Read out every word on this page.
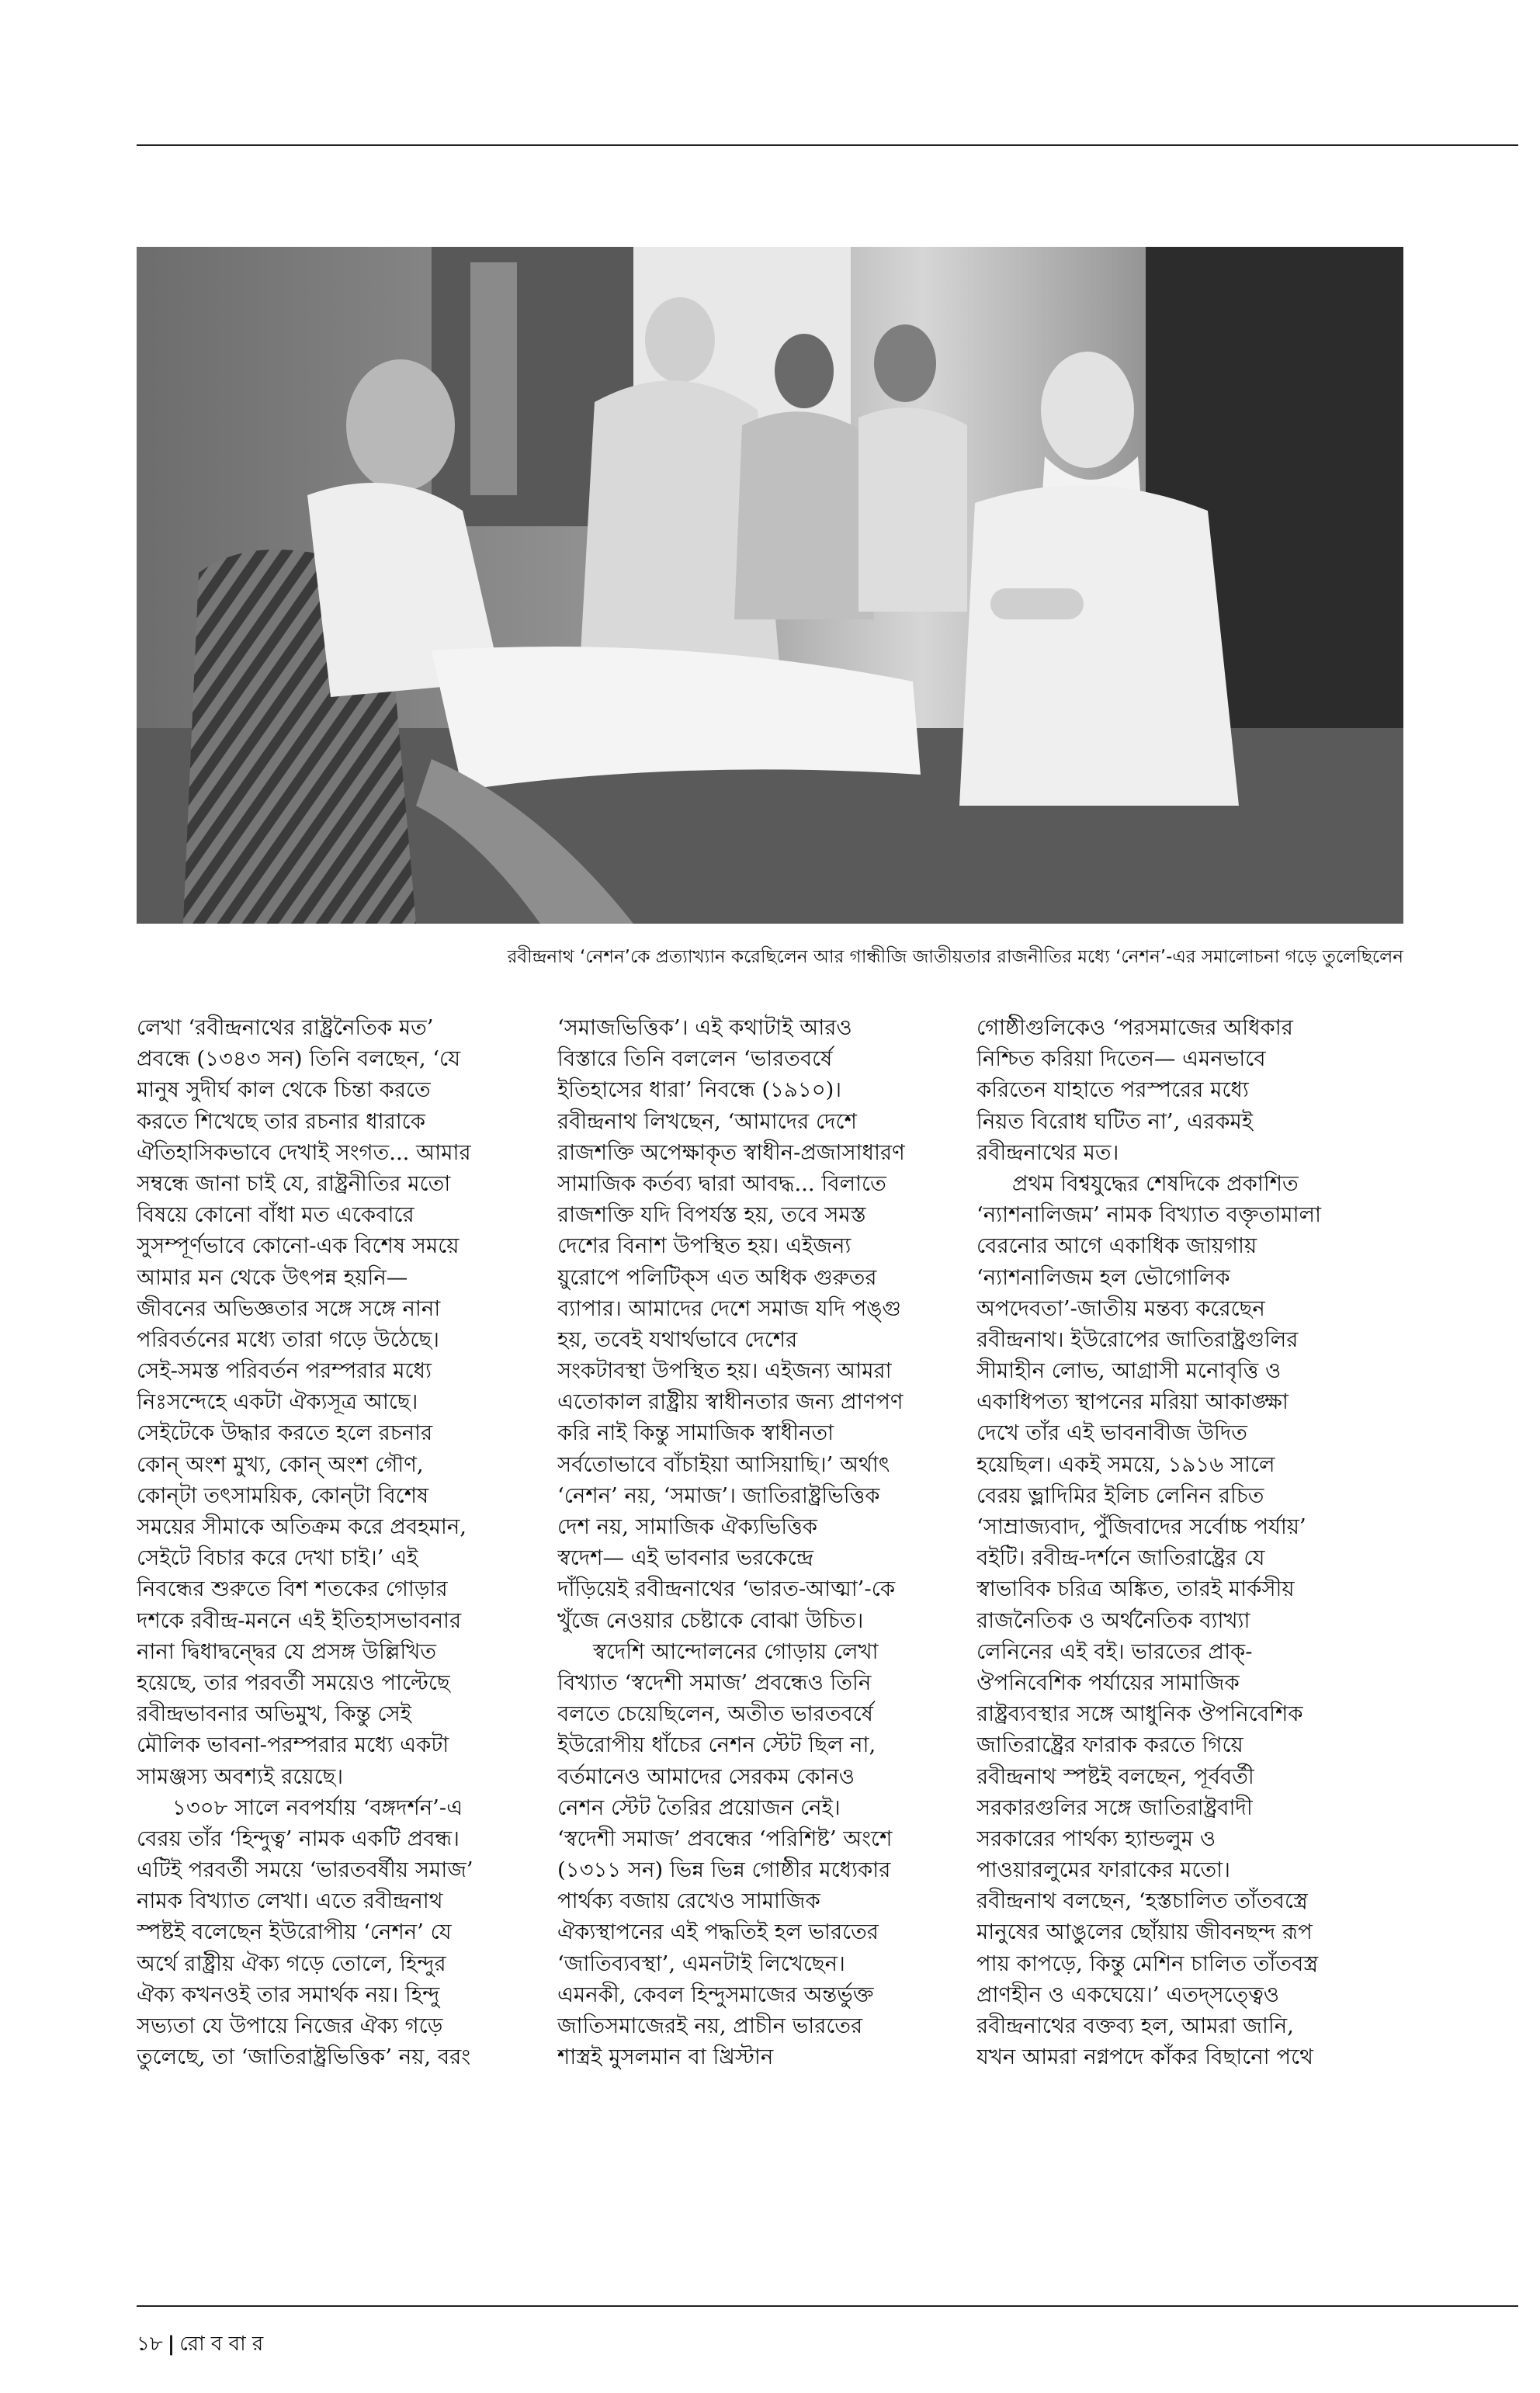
রবীন্দ্রনাথ ‘নেশন’কে প্রত্যাখ্যান করেছিলেন আর গান্ধীজি জাতীয়তার রাজনীতির মধ্যে ‘নেশন’-এর সমালোচনা গড়ে তুলেছিলেন
লেখা ‘রবীন্দ্রনাথের রাষ্ট্রনৈতিক মত’
প্রবন্ধে (১৩৪৩ সন) তিনি বলছেন, ‘যে
মানুষ সুদীর্ঘ কাল থেকে চিন্তা করতে
করতে শিখেছে তার রচনার ধারাকে
ঐতিহাসিকভাবে দেখাই সংগত... আমার
সম্বন্ধে জানা চাই যে, রাষ্ট্রনীতির মতো
বিষয়ে কোনো বাঁধা মত একেবারে
সুসম্পূর্ণভাবে কোনো-এক বিশেষ সময়ে
আমার মন থেকে উৎপন্ন হয়নি—
জীবনের অভিজ্ঞতার সঙ্গে সঙ্গে নানা
পরিবর্তনের মধ্যে তারা গড়ে উঠেছে।
সেই-সমস্ত পরিবর্তন পরম্পরার মধ্যে
নিঃসন্দেহে একটা ঐক্যসূত্র আছে।
সেইটেকে উদ্ধার করতে হলে রচনার
কোন্‌ অংশ মুখ্য, কোন্‌ অংশ গৌণ,
কোন্‌টা তৎসাময়িক, কোন্‌টা বিশেষ
সময়ের সীমাকে অতিক্রম করে প্রবহমান,
সেইটে বিচার করে দেখা চাই।’ এই
নিবন্ধের শুরুতে বিশ শতকের গোড়ার
দশকে রবীন্দ্র-মননে এই ইতিহাসভাবনার
নানা দ্বিধাদ্বন্দ্বের যে প্রসঙ্গ উল্লিখিত
হয়েছে, তার পরবর্তী সময়েও পাল্টেছে
রবীন্দ্রভাবনার অভিমুখ, কিন্তু সেই
মৌলিক ভাবনা-পরম্পরার মধ্যে একটা
সামঞ্জস্য অবশ্যই রয়েছে।
১৩০৮ সালে নবপর্যায় ‘বঙ্গদর্শন’-এ
বেরয় তাঁর ‘হিন্দুত্ব’ নামক একটি প্রবন্ধ।
এটিই পরবর্তী সময়ে ‘ভারতবর্ষীয় সমাজ’
নামক বিখ্যাত লেখা। এতে রবীন্দ্রনাথ
স্পষ্টই বলেছেন ইউরোপীয় ‘নেশন’ যে
অর্থে রাষ্ট্রীয় ঐক্য গড়ে তোলে, হিন্দুর
ঐক্য কখনওই তার সমার্থক নয়। হিন্দু
সভ্যতা যে উপায়ে নিজের ঐক্য গড়ে
তুলেছে, তা ‘জাতিরাষ্ট্রভিত্তিক’ নয়, বরং
‘সমাজভিত্তিক’। এই কথাটাই আরও
বিস্তারে তিনি বললেন ‘ভারতবর্ষে
ইতিহাসের ধারা’ নিবন্ধে (১৯১০)।
রবীন্দ্রনাথ লিখছেন, ‘আমাদের দেশে
রাজশক্তি অপেক্ষাকৃত স্বাধীন-প্রজাসাধারণ
সামাজিক কর্তব্য দ্বারা আবদ্ধ... বিলাতে
রাজশক্তি যদি বিপর্যস্ত হয়, তবে সমস্ত
দেশের বিনাশ উপস্থিত হয়। এইজন্য
য়ুরোপে পলিটিক্‌স এত অধিক গুরুতর
ব্যাপার। আমাদের দেশে সমাজ যদি পঙ্গু
হয়, তবেই যথার্থভাবে দেশের
সংকটাবস্থা উপস্থিত হয়। এইজন্য আমরা
এতোকাল রাষ্ট্রীয় স্বাধীনতার জন্য প্রাণপণ
করি নাই কিন্তু সামাজিক স্বাধীনতা
সর্বতোভাবে বাঁচাইয়া আসিয়াছি।’ অর্থাৎ
‘নেশন’ নয়, ‘সমাজ’। জাতিরাষ্ট্রভিত্তিক
দেশ নয়, সামাজিক ঐক্যভিত্তিক
স্বদেশ— এই ভাবনার ভরকেন্দ্রে
দাঁড়িয়েই রবীন্দ্রনাথের ‘ভারত-আত্মা’-কে
খুঁজে নেওয়ার চেষ্টাকে বোঝা উচিত।
স্বদেশি আন্দোলনের গোড়ায় লেখা
বিখ্যাত ‘স্বদেশী সমাজ’ প্রবন্ধেও তিনি
বলতে চেয়েছিলেন, অতীত ভারতবর্ষে
ইউরোপীয় ধাঁচের নেশন স্টেট ছিল না,
বর্তমানেও আমাদের সেরকম কোনও
নেশন স্টেট তৈরির প্রয়োজন নেই।
‘স্বদেশী সমাজ’ প্রবন্ধের ‘পরিশিষ্ট’ অংশে
(১৩১১ সন) ভিন্ন ভিন্ন গোষ্ঠীর মধ্যেকার
পার্থক্য বজায় রেখেও সামাজিক
ঐক্যস্থাপনের এই পদ্ধতিই হল ভারতের
‘জাতিব্যবস্থা’, এমনটাই লিখেছেন।
এমনকী, কেবল হিন্দুসমাজের অন্তর্ভুক্ত
জাতিসমাজেরই নয়, প্রাচীন ভারতের
শাস্ত্রই মুসলমান বা খ্রিস্টান
গোষ্ঠীগুলিকেও ‘পরসমাজের অধিকার
নিশ্চিত করিয়া দিতেন— এমনভাবে
করিতেন যাহাতে পরস্পরের মধ্যে
নিয়ত বিরোধ ঘটিত না’, এরকমই
রবীন্দ্রনাথের মত।
প্রথম বিশ্বযুদ্ধের শেষদিকে প্রকাশিত
‘ন্যাশনালিজম’ নামক বিখ্যাত বক্তৃতামালা
বেরনোর আগে একাধিক জায়গায়
‘ন্যাশনালিজম হল ভৌগোলিক
অপদেবতা’-জাতীয় মন্তব্য করেছেন
রবীন্দ্রনাথ। ইউরোপের জাতিরাষ্ট্রগুলির
সীমাহীন লোভ, আগ্রাসী মনোবৃত্তি ও
একাধিপত্য স্থাপনের মরিয়া আকাঙ্ক্ষা
দেখে তাঁর এই ভাবনাবীজ উদিত
হয়েছিল। একই সময়ে, ১৯১৬ সালে
বেরয় ভ্লাদিমির ইলিচ লেনিন রচিত
‘সাম্রাজ্যবাদ, পুঁজিবাদের সর্বোচ্চ পর্যায়’
বইটি। রবীন্দ্র-দর্শনে জাতিরাষ্ট্রের যে
স্বাভাবিক চরিত্র অঙ্কিত, তারই মার্কসীয়
রাজনৈতিক ও অর্থনৈতিক ব্যাখ্যা
লেনিনের এই বই। ভারতের প্রাক্‌-
ঔপনিবেশিক পর্যায়ের সামাজিক
রাষ্ট্রব্যবস্থার সঙ্গে আধুনিক ঔপনিবেশিক
জাতিরাষ্ট্রের ফারাক করতে গিয়ে
রবীন্দ্রনাথ স্পষ্টই বলছেন, পূর্ববর্তী
সরকারগুলির সঙ্গে জাতিরাষ্ট্রবাদী
সরকারের পার্থক্য হ্যান্ডলুম ও
পাওয়ারলুমের ফারাকের মতো।
রবীন্দ্রনাথ বলছেন, ‘হস্তচালিত তাঁতবস্ত্রে
মানুষের আঙুলের ছোঁয়ায় জীবনছন্দ রূপ
পায় কাপড়ে, কিন্তু মেশিন চালিত তাঁতবস্ত্র
প্রাণহীন ও একঘেয়ে।’ এতদ্‌সত্ত্বেও
রবীন্দ্রনাথের বক্তব্য হল, আমরা জানি,
যখন আমরা নগ্নপদে কাঁকর বিছানো পথে
১৮ | রো ব বা র
